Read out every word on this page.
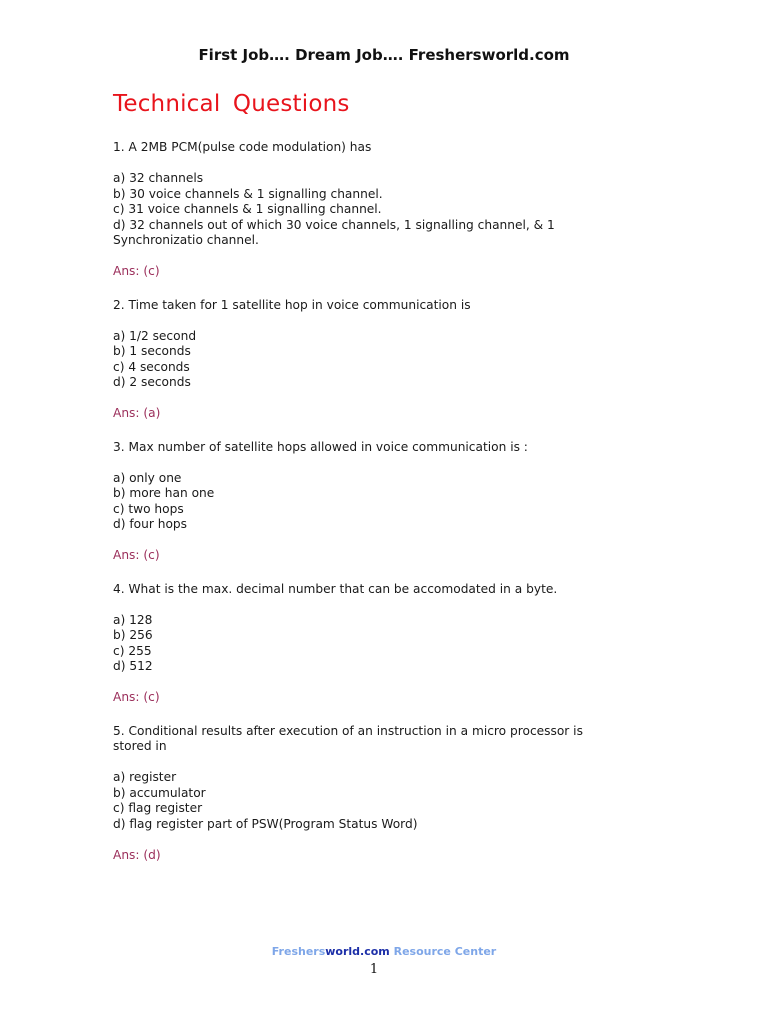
First Job…. Dream Job…. Freshersworld.com
Technical Questions
1. A 2MB PCM(pulse code modulation) has
a) 32 channels
b) 30 voice channels & 1 signalling channel.
c) 31 voice channels & 1 signalling channel.
d) 32 channels out of which 30 voice channels, 1 signalling channel, & 1 Synchronizatio channel.
Ans: (c)
2. Time taken for 1 satellite hop in voice communication is
a) 1/2 second
b) 1 seconds
c) 4 seconds
d) 2 seconds
Ans: (a)
3. Max number of satellite hops allowed in voice communication is :
a) only one
b) more han one
c) two hops
d) four hops
Ans: (c)
4. What is the max. decimal number that can be accomodated in a byte.
a) 128
b) 256
c) 255
d) 512
Ans: (c)
5. Conditional results after execution of an instruction in a micro processor is stored in
a) register
b) accumulator
c) flag register
d) flag register part of PSW(Program Status Word)
Ans: (d)
Freshersworld.com Resource Center
1
